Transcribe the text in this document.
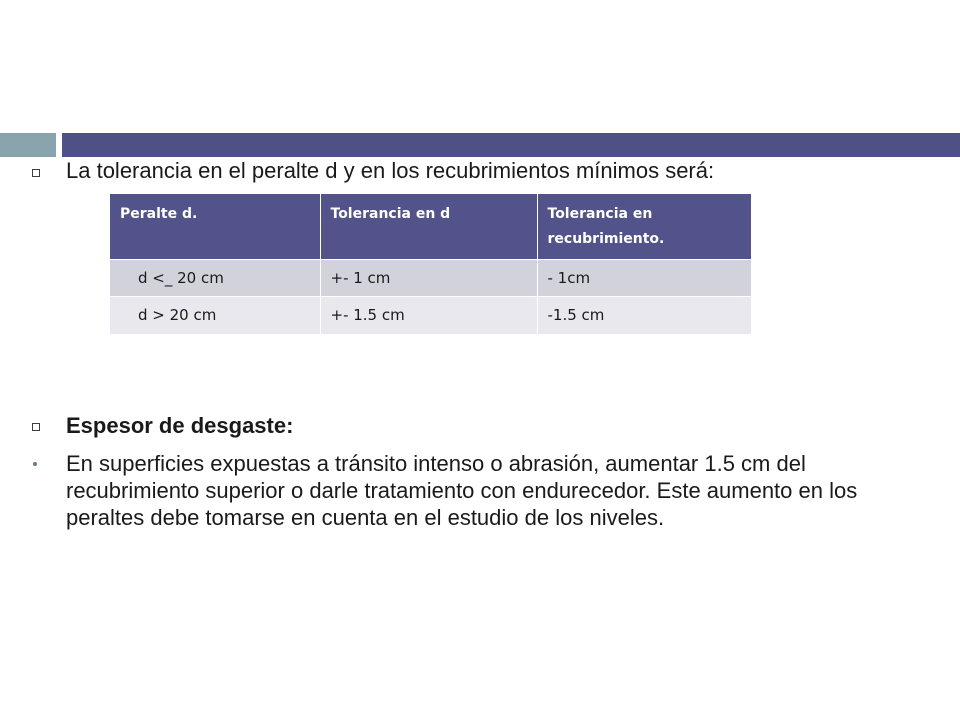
La tolerancia en el peralte d y en los recubrimientos mínimos será:
Peralte d.	Tolerancia en d	Tolerancia en recubrimiento.
d <_ 20 cm	+- 1 cm	- 1cm
d > 20 cm	+- 1.5 cm	-1.5 cm
Espesor de desgaste:
En superficies expuestas a tránsito intenso o abrasión, aumentar 1.5 cm del recubrimiento superior o darle tratamiento con endurecedor. Este aumento en los peraltes debe tomarse en cuenta en el estudio de los niveles.
